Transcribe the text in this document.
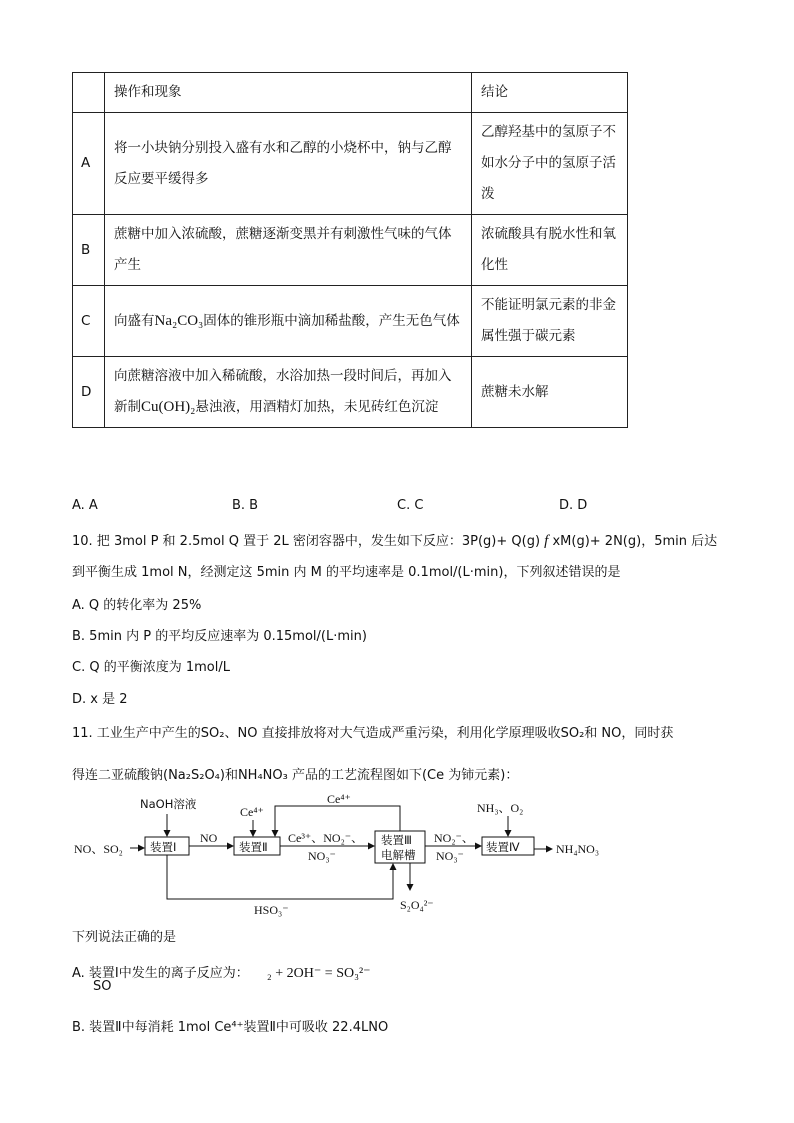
	操作和现象	结论
A	将一小块钠分别投入盛有水和乙醇的小烧杯中，钠与乙醇反应要平缓得多	乙醇羟基中的氢原子不如水分子中的氢原子活泼
B	蔗糖中加入浓硫酸，蔗糖逐渐变黑并有刺激性气味的气体产生	浓硫酸具有脱水性和氧化性
C	向盛有Na₂CO₃固体的锥形瓶中滴加稀盐酸，产生无色气体	不能证明氯元素的非金属性强于碳元素
D	向蔗糖溶液中加入稀硫酸，水浴加热一段时间后，再加入新制Cu(OH)₂悬浊液，用酒精灯加热，未见砖红色沉淀	蔗糖未水解
A. A	B. B	C. C	D. D
10. 把 3mol P 和 2.5mol Q 置于 2L 密闭容器中，发生如下反应：3P(g)+ Q(g) f xM(g)+ 2N(g)，5min 后达
到平衡生成 1mol N，经测定这 5min 内 M 的平均速率是 0.1mol/(L·min)，下列叙述错误的是
A. Q 的转化率为 25%
B. 5min 内 P 的平均反应速率为 0.15mol/(L·min)
C. Q 的平衡浓度为 1mol/L
D. x 是 2
11. 工业生产中产生的SO₂、NO 直接排放将对大气造成严重污染，利用化学原理吸收SO₂和 NO，同时获
得连二亚硫酸钠(Na₂S₂O₄)和NH₄NO₃ 产品的工艺流程图如下(Ce 为铈元素)：
NO、SO₂
NaOH溶液
装置Ⅰ
NO
Ce⁴⁺
装置Ⅱ
Ce³⁺、NO₂⁻、
NO₃⁻
Ce⁴⁺
装置Ⅲ
电解槽
NO₂⁻、
NO₃⁻
NH₃、O₂
装置Ⅳ	NH₄NO₃
HSO₃⁻	S₂O₄²⁻
下列说法正确的是
A. 装置Ⅰ中发生的离子反应为： ₂ + 2OH⁻ = SO₃²⁻
SO
B. 装置Ⅱ中每消耗 1mol Ce⁴⁺装置Ⅱ中可吸收 22.4LNO
